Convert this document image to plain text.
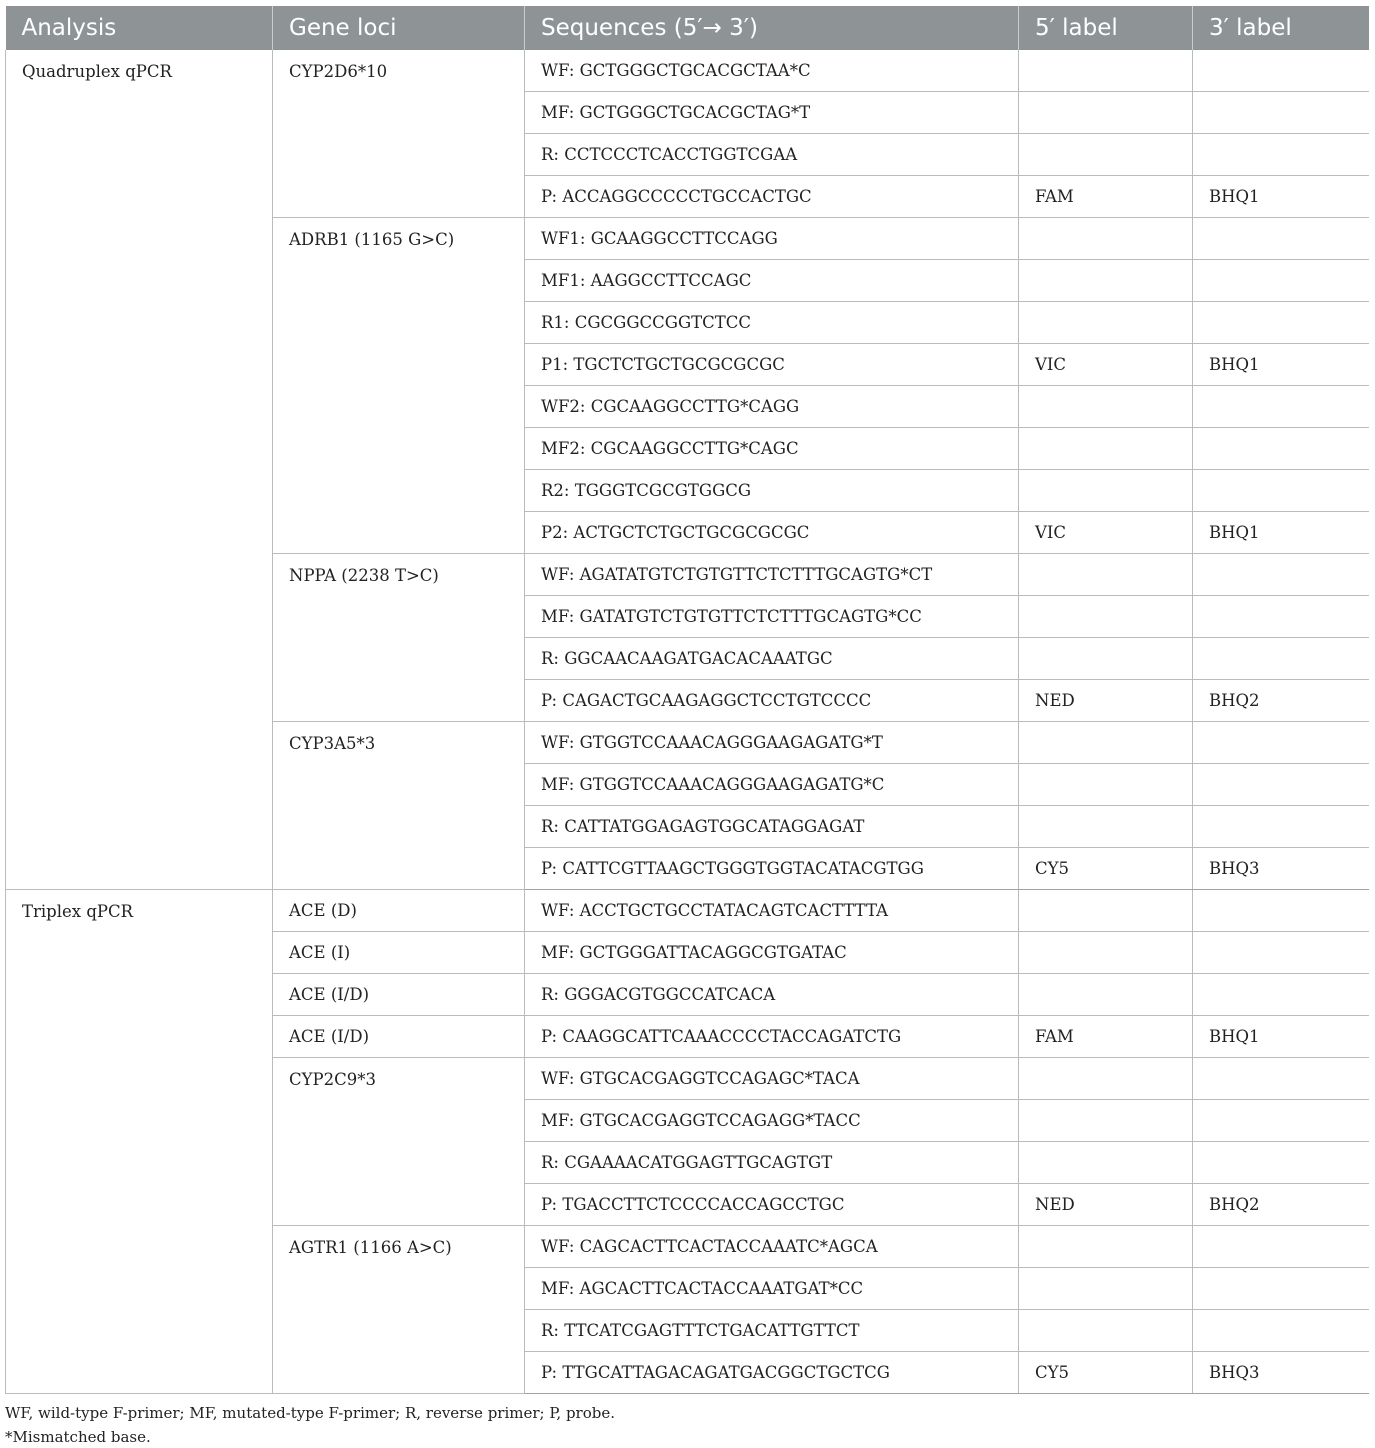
Analysis	Gene loci	Sequences (5′→ 3′)	5′ label	3′ label
Quadruplex qPCR	CYP2D6*10	WF: GCTGGGCTGCACGCTAA*C		
		MF: GCTGGGCTGCACGCTAG*T		
		R: CCTCCCTCACCTGGTCGAA		
		P: ACCAGGCCCCCTGCCACTGC	FAM	BHQ1
	ADRB1 (1165 G>C)	WF1: GCAAGGCCTTCCAGG		
		MF1: AAGGCCTTCCAGC		
		R1: CGCGGCCGGTCTCC		
		P1: TGCTCTGCTGCGCGCGC	VIC	BHQ1
		WF2: CGCAAGGCCTTG*CAGG		
		MF2: CGCAAGGCCTTG*CAGC		
		R2: TGGGTCGCGTGGCG		
		P2: ACTGCTCTGCTGCGCGCGC	VIC	BHQ1
	NPPA (2238 T>C)	WF: AGATATGTCTGTGTTCTCTTTGCAGTG*CT		
		MF: GATATGTCTGTGTTCTCTTTGCAGTG*CC		
		R: GGCAACAAGATGACACAAATGC		
		P: CAGACTGCAAGAGGCTCCTGTCCCC	NED	BHQ2
	CYP3A5*3	WF: GTGGTCCAAACAGGGAAGAGATG*T		
		MF: GTGGTCCAAACAGGGAAGAGATG*C		
		R: CATTATGGAGAGTGGCATAGGAGAT		
		P: CATTCGTTAAGCTGGGTGGTACATACGTGG	CY5	BHQ3
Triplex qPCR	ACE (D)	WF: ACCTGCTGCCTATACAGTCACTTTTA		
	ACE (I)	MF: GCTGGGATTACAGGCGTGATAC		
	ACE (I/D)	R: GGGACGTGGCCATCACA		
	ACE (I/D)	P: CAAGGCATTCAAACCCCTACCAGATCTG	FAM	BHQ1
	CYP2C9*3	WF: GTGCACGAGGTCCAGAGC*TACA		
		MF: GTGCACGAGGTCCAGAGG*TACC		
		R: CGAAAACATGGAGTTGCAGTGT		
		P: TGACCTTCTCCCCACCAGCCTGC	NED	BHQ2
	AGTR1 (1166 A>C)	WF: CAGCACTTCACTACCAAATC*AGCA		
		MF: AGCACTTCACTACCAAATGAT*CC		
		R: TTCATCGAGTTTCTGACATTGTTCT		
		P: TTGCATTAGACAGATGACGGCTGCTCG	CY5	BHQ3
WF, wild-type F-primer; MF, mutated-type F-primer; R, reverse primer; P, probe.
*Mismatched base.
